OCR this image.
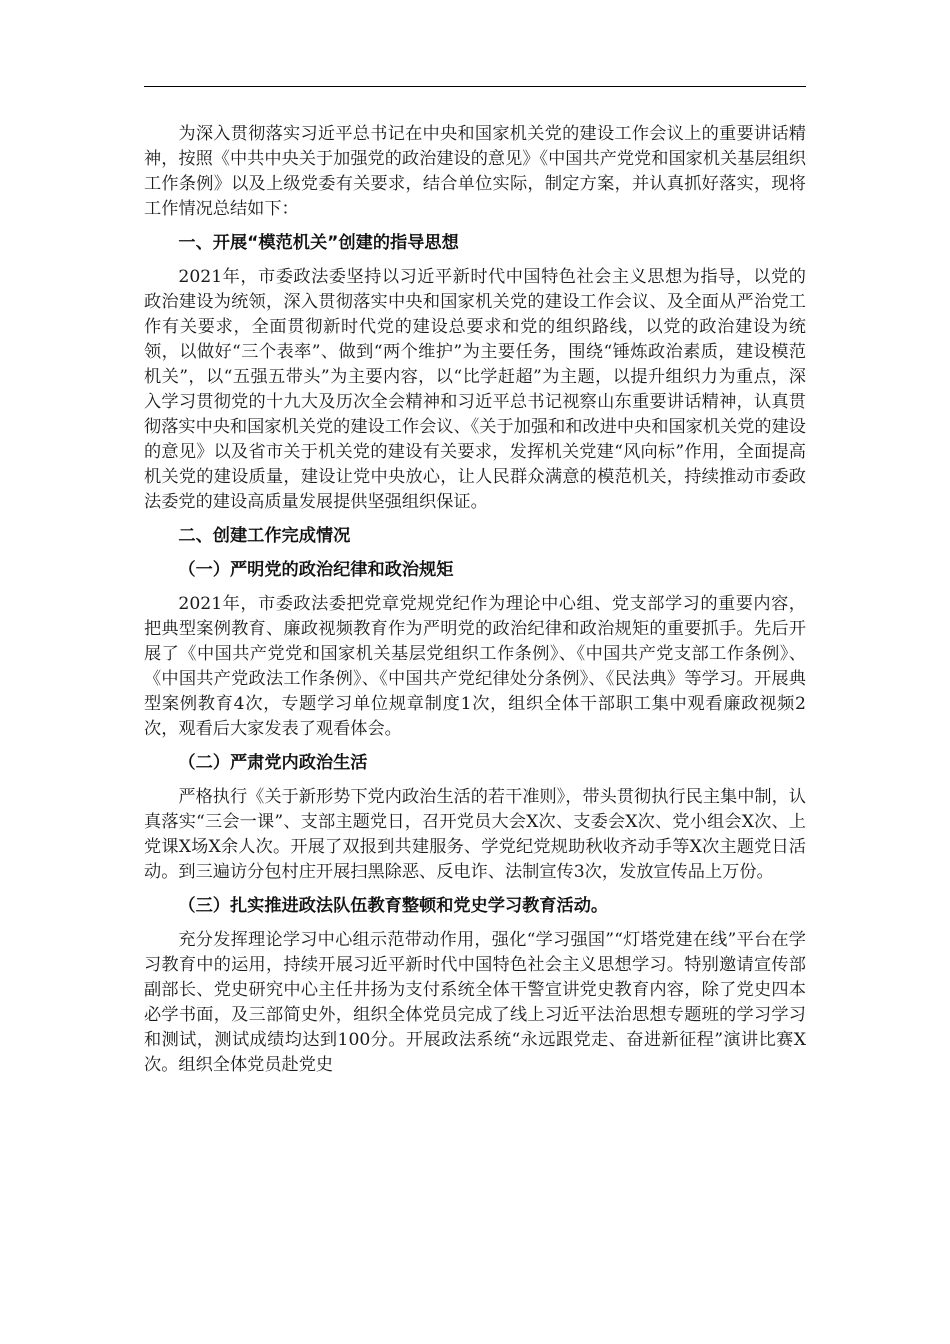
为深入贯彻落实习近平总书记在中央和国家机关党的建设工作会议上的重要讲话精神，按照《中共中央关于加强党的政治建设的意见》《中国共产党党和国家机关基层组织工作条例》以及上级党委有关要求，结合单位实际，制定方案，并认真抓好落实，现将工作情况总结如下：

一、开展“模范机关”创建的指导思想

2021年，市委政法委坚持以习近平新时代中国特色社会主义思想为指导，以党的政治建设为统领，深入贯彻落实中央和国家机关党的建设工作会议、及全面从严治党工作有关要求，全面贯彻新时代党的建设总要求和党的组织路线，以党的政治建设为统领，以做好“三个表率”、做到“两个维护”为主要任务，围绕“锤炼政治素质，建设模范机关”，以“五强五带头”为主要内容，以“比学赶超”为主题，以提升组织力为重点，深入学习贯彻党的十九大及历次全会精神和习近平总书记视察山东重要讲话精神，认真贯彻落实中央和国家机关党的建设工作会议、《关于加强和和改进中央和国家机关党的建设的意见》以及省市关于机关党的建设有关要求，发挥机关党建“风向标”作用，全面提高机关党的建设质量，建设让党中央放心，让人民群众满意的模范机关，持续推动市委政法委党的建设高质量发展提供坚强组织保证。

二、创建工作完成情况

（一）严明党的政治纪律和政治规矩

2021年，市委政法委把党章党规党纪作为理论中心组、党支部学习的重要内容，把典型案例教育、廉政视频教育作为严明党的政治纪律和政治规矩的重要抓手。先后开展了《中国共产党党和国家机关基层党组织工作条例》、《中国共产党支部工作条例》、《中国共产党政法工作条例》、《中国共产党纪律处分条例》、《民法典》等学习。开展典型案例教育4次，专题学习单位规章制度1次，组织全体干部职工集中观看廉政视频2次，观看后大家发表了观看体会。

（二）严肃党内政治生活

严格执行《关于新形势下党内政治生活的若干准则》，带头贯彻执行民主集中制，认真落实“三会一课”、支部主题党日，召开党员大会X次、支委会X次、党小组会X次、上党课X场X余人次。开展了双报到共建服务、学党纪党规助秋收齐动手等X次主题党日活动。到三遍访分包村庄开展扫黑除恶、反电诈、法制宣传3次，发放宣传品上万份。

（三）扎实推进政法队伍教育整顿和党史学习教育活动。

充分发挥理论学习中心组示范带动作用，强化“学习强国”“灯塔党建在线”平台在学习教育中的运用，持续开展习近平新时代中国特色社会主义思想学习。特别邀请宣传部副部长、党史研究中心主任井扬为支付系统全体干警宣讲党史教育内容，除了党史四本必学书面，及三部简史外，组织全体党员完成了线上习近平法治思想专题班的学习学习和测试，测试成绩均达到100分。开展政法系统“永远跟党走、奋进新征程”演讲比赛X次。组织全体党员赴党史
